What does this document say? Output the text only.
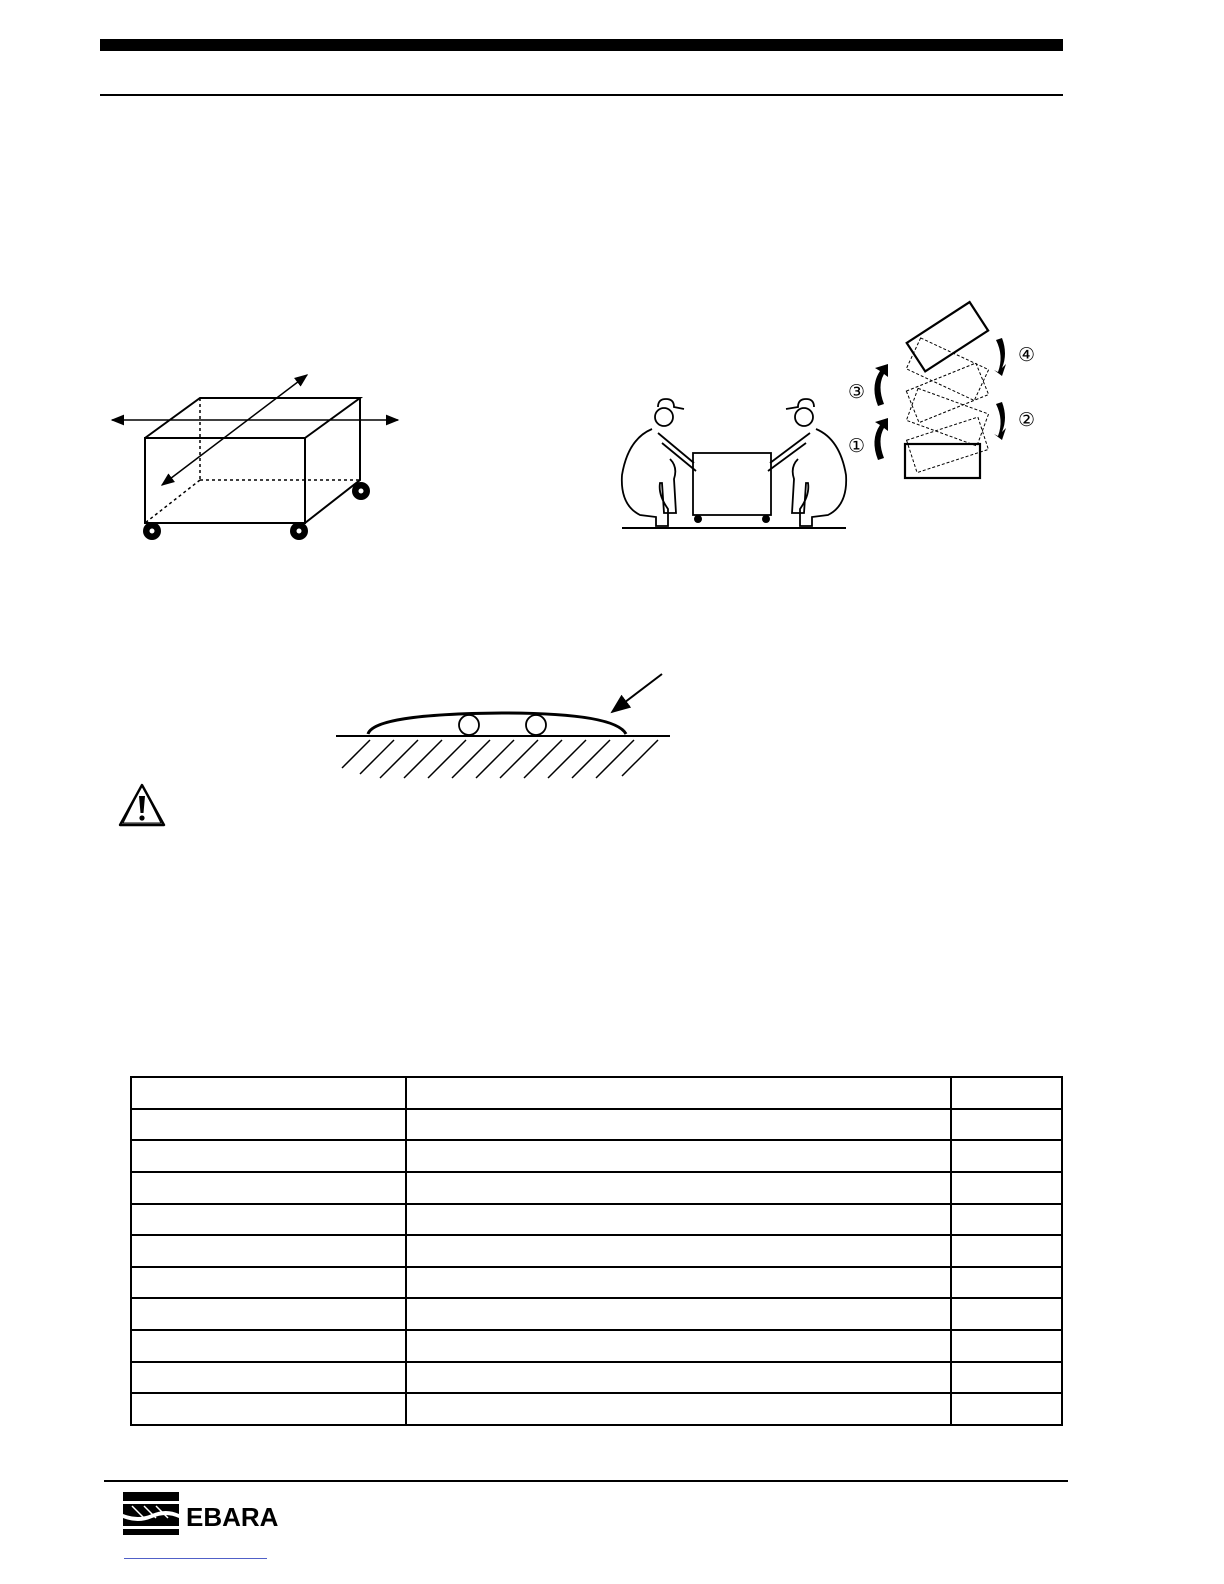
①
②
③
④

EBARA
